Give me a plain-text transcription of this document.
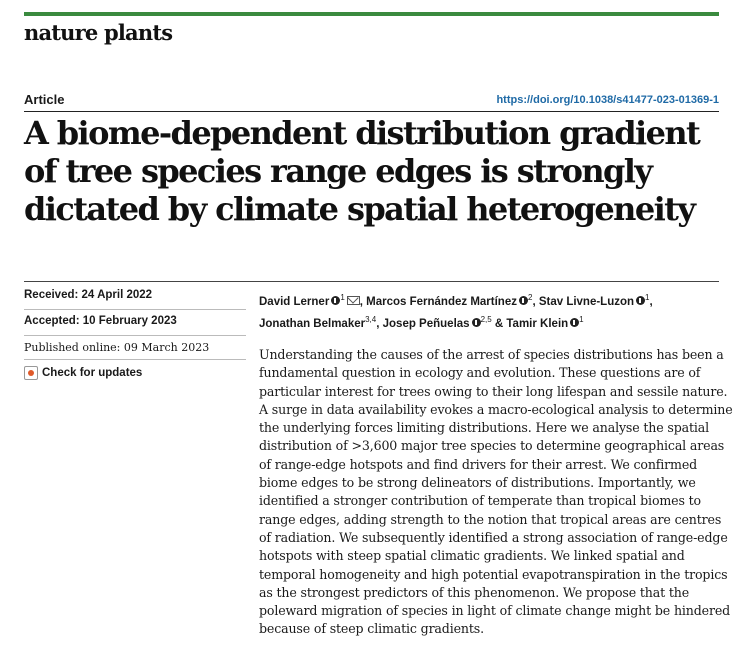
nature plants
Article	https://doi.org/10.1038/s41477-023-01369-1
A biome-dependent distribution gradient of tree species range edges is strongly dictated by climate spatial heterogeneity
Received: 24 April 2022
Accepted: 10 February 2023
Published online: 09 March 2023
Check for updates
David Lerner $^1$ , Marcos Fernández Martínez $^2$, Stav Livne-Luzon $^1$,
Jonathan Belmaker$^{3,4}$, Josep Peñuelas $^{2,5}$ & Tamir Klein $^1$

Understanding the causes of the arrest of species distributions has been a fundamental question in ecology and evolution. These questions are of particular interest for trees owing to their long lifespan and sessile nature. A surge in data availability evokes a macro-ecological analysis to determine the underlying forces limiting distributions. Here we analyse the spatial distribution of >3,600 major tree species to determine geographical areas of range-edge hotspots and find drivers for their arrest. We confirmed biome edges to be strong delineators of distributions. Importantly, we identified a stronger contribution of temperate than tropical biomes to range edges, adding strength to the notion that tropical areas are centres of radiation. We subsequently identified a strong association of range-edge hotspots with steep spatial climatic gradients. We linked spatial and temporal homogeneity and high potential evapotranspiration in the tropics as the strongest predictors of this phenomenon. We propose that the poleward migration of species in light of climate change might be hindered because of steep climatic gradients.
